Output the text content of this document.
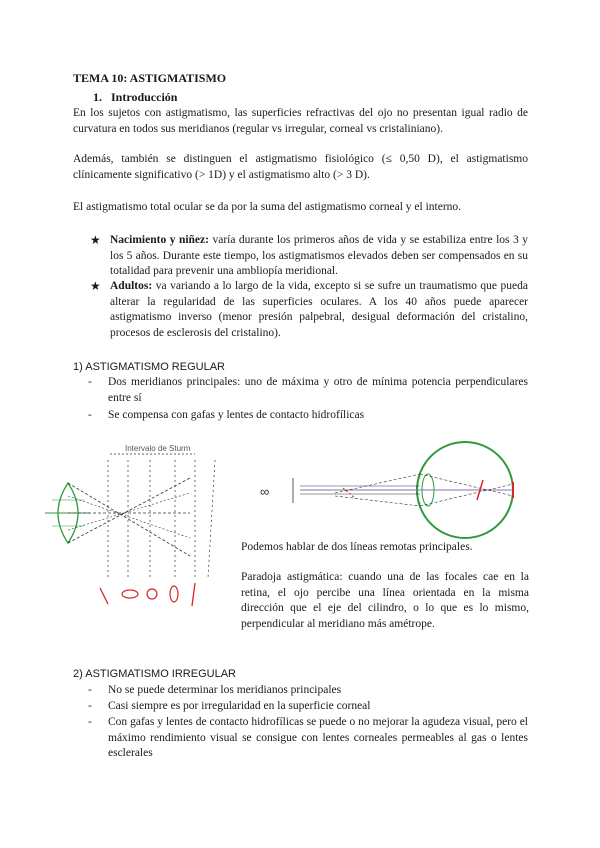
TEMA 10: ASTIGMATISMO
1.   Introducción
En los sujetos con astigmatismo, las superficies refractivas del ojo no presentan igual radio de curvatura en todos sus meridianos (regular vs irregular, corneal vs cristaliniano).
Además, también se distinguen el astigmatismo fisiológico (≤ 0,50 D), el astigmatismo clínicamente significativo (> 1D) y el astigmatismo alto (> 3 D).
El astigmatismo total ocular se da por la suma del astigmatismo corneal y el interno.
★ Nacimiento y niñez: varía durante los primeros años de vida y se estabiliza entre los 3 y los 5 años. Durante este tiempo, los astigmatismos elevados deben ser compensados en su totalidad para prevenir una ambliopía meridional.
★ Adultos: va variando a lo largo de la vida, excepto si se sufre un traumatismo que pueda alterar la regularidad de las superficies oculares. A los 40 años puede aparecer astigmatismo inverso (menor presión palpebral, desigual deformación del cristalino, procesos de esclerosis del cristalino).
1) ASTIGMATISMO REGULAR
- Dos meridianos principales: uno de máxima y otro de mínima potencia perpendiculares entre sí
- Se compensa con gafas y lentes de contacto hidrofílicas
Intervalo de Sturm
∞
Podemos hablar de dos líneas remotas principales.
Paradoja astigmática: cuando una de las focales cae en la retina, el ojo percibe una línea orientada en la misma dirección que el eje del cilindro, o lo que es lo mismo, perpendicular al meridiano más amétrope.
2) ASTIGMATISMO IRREGULAR
- No se puede determinar los meridianos principales
- Casi siempre es por irregularidad en la superficie corneal
- Con gafas y lentes de contacto hidrofílicas se puede o no mejorar la agudeza visual, pero el máximo rendimiento visual se consigue con lentes corneales permeables al gas o lentes esclerales
